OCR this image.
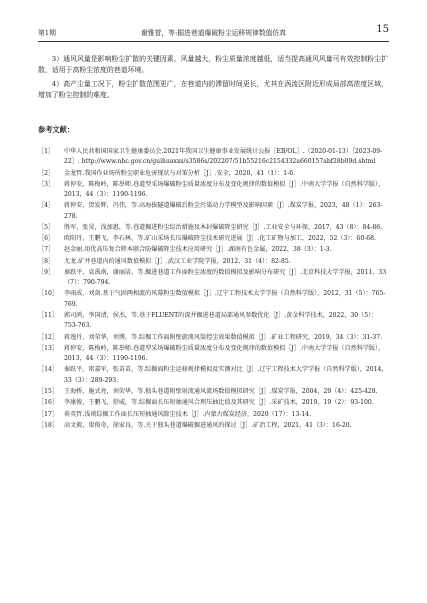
第1期	谢雅菅，等:掘进巷道爆破粉尘运移规律数值仿真	15

3）通风风量是影响粉尘扩散的关键因素，风量越大，粉尘质量浓度越低，适当提高通风风量可有效控制粉尘扩散，适用于高粉尘浓度的巷道环境。

4）高产尘量工况下，粉尘扩散范围更广，在巷道内的滞留时间更长，尤其在涡流区附近形成局部高浓度区域，增加了粉尘控制的难度。

参考文献：
［1］ 中华人民共和国国家卫生健康委员会.2021年我国卫生健康事业发展统计公报［EB/OL］.（2020-01-13）［2023-09-22］. http://www.nhc.gov.cn/guihuaxxs/s3586s/202207/51b55216c2154332a660157abf28b09d.shtml
［2］ 金龙哲.我国作业场所粉尘职业危害现状与对策分析［J］.安全，2020，41（1）：1-6.
［3］ 蒋仲安，陈梅岭，陈举师.巷道型采场爆破粉尘质量浓度分布及变化规律的数值模拟［J］.中南大学学报（自然科学版），2013，44（3）：1190-1196.
［4］ 蒋仲安，贺发辉，冯伟，等.高海拔隧道爆破后粉尘污染动力学模型及影响因素［J］.煤炭学报，2023，48（1）：263-278.
［5］ 胜军，张昊，浅加惠，等.巷道掘进粉尘综治措施及本封爆破降尘研究［J］.工业安全与环保，2017，43（8）：84-86.
［6］ 欧阳丹，王鹏飞，李石林，等.矿山采场长压爆破降尘技术研究进展［J］.化工矿物与加工，2022，52（3）：60-68.
［7］ 赵金丽.用优高压复合降本联合防爆破降尘技术应用研究［J］.湖南有色金属，2022，38（3）：1-3.
［8］ 尤龙.矿井巷道内的通风数值模拟［J］.武汉工业学院学报，2012，31（4）：82-85.
［9］ 秦跃平，袁禹南，谢丽洁，等.掘进巷道工作面粉尘浓度的数值模拟及影响分布研究［J］.北京科技大学学报，2011，33（7）：790-794.
［10］ 李雨成，刘剑.基于气固两相流的风幕粉尘数值模拟［J］.辽宁工程技术大学学报（自然科学版），2012，31（5）：765-769.
［11］ 郭司鸿，李国清，侯杰，等.基于FLUENT的深井掘进巷道局部通风参数优化［J］.黄金科学技术，2022，30（5）：753-763.
［12］ 蒋逸丹，刘荣华，刘博，等.综掘工作面附壁旋流风筒控尘效果数值模拟［J］.矿业工程研究，2019，34（3）：31-37.
［13］ 蒋仲安，陈梅岭，陈举师.巷道型采场爆破粉尘质量浓度分布及变化规律的数值模拟［J］.中南大学学报（自然科学版），2013，44（3）：1190-1196.
［14］ 秦跃平，雷嘉军，张苗苗，等.综掘面粉尘运移规律模拟及实测对比［J］.辽宁工程技术大学学报（自然科学版），2014，33（3）：289-293.
［15］ 王海桥，施式亮，刘荣华，等.独头巷道附壁射流通风流场数值模拟研究［J］.煤炭学报，2004，29（4）：425-428.
［16］ 李康俊，王鹏飞，舒威，等.综掘面长压短抽通风合理压抽比值及其研究［J］.采矿技术，2019，19（2）：93-100.
［17］ 荷英哲.浅谈综掘工作面长压短抽通风除尘技术［J］.内蒙古煤炭经济，2020（17）：13-14.
［18］ 高文毅，梁俊奇，徐家良，等.关于独头巷道爆破掘进通风的探讨［J］.矿冶工程，2021，41（3）：16-20.
